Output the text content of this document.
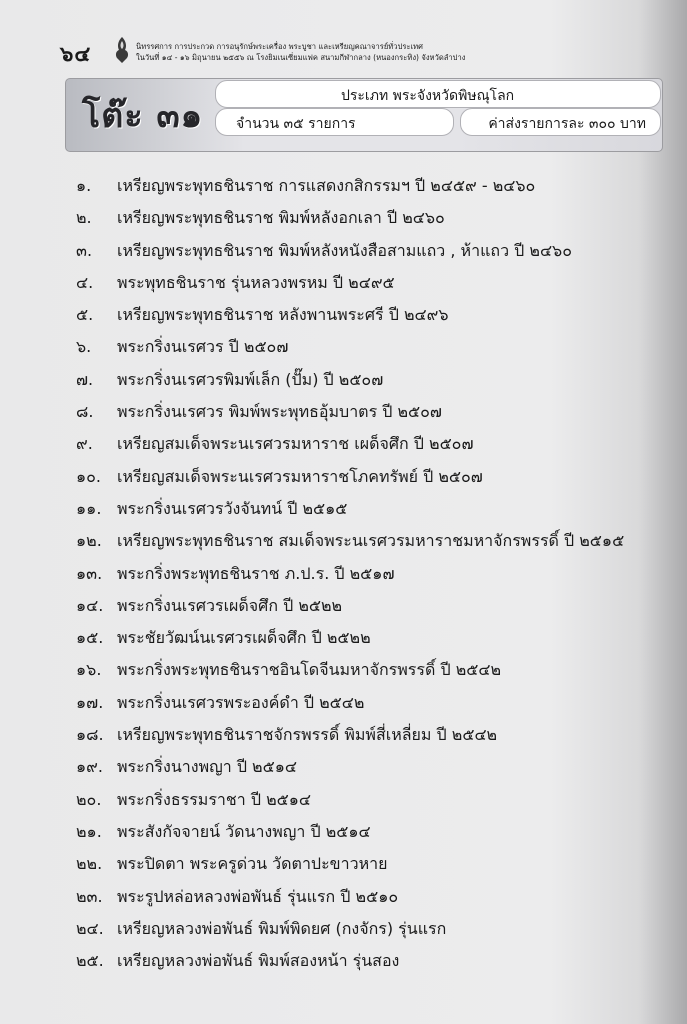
๖๔	นิทรรศการ การประกวด การอนุรักษ์พระเครื่อง พระบูชา และเหรียญคณาจารย์ทั่วประเทศ
ในวันที่ ๑๔ - ๑๖ มิถุนายน ๒๕๕๖ ณ โรงยิมเนเซี่ยมแฟค สนามกีฬากลาง (หนองกระทิง) จังหวัดลำปาง
โต๊ะ ๓๑	ประเภท พระจังหวัดพิษณุโลก
จำนวน ๓๕ รายการ	ค่าส่งรายการละ ๓๐๐ บาท
๑. เหรียญพระพุทธชินราช การแสดงกสิกรรมฯ ปี ๒๔๕๙ - ๒๔๖๐
๒. เหรียญพระพุทธชินราช พิมพ์หลังอกเลา ปี ๒๔๖๐
๓. เหรียญพระพุทธชินราช พิมพ์หลังหนังสือสามแถว , ห้าแถว ปี ๒๔๖๐
๔. พระพุทธชินราช รุ่นหลวงพรหม ปี ๒๔๙๕
๕. เหรียญพระพุทธชินราช หลังพานพระศรี ปี ๒๔๙๖
๖. พระกริ่งนเรศวร ปี ๒๕๐๗
๗. พระกริ่งนเรศวรพิมพ์เล็ก (ปั๊ม) ปี ๒๕๐๗
๘. พระกริ่งนเรศวร พิมพ์พระพุทธอุ้มบาตร ปี ๒๕๐๗
๙. เหรียญสมเด็จพระนเรศวรมหาราช เผด็จศึก ปี ๒๕๐๗
๑๐. เหรียญสมเด็จพระนเรศวรมหาราชโภคทรัพย์ ปี ๒๕๐๗
๑๑. พระกริ่งนเรศวรวังจันทน์ ปี ๒๕๑๕
๑๒. เหรียญพระพุทธชินราช สมเด็จพระนเรศวรมหาราชมหาจักรพรรดิ์ ปี ๒๕๑๕
๑๓. พระกริ่งพระพุทธชินราช ภ.ป.ร. ปี ๒๕๑๗
๑๔. พระกริ่งนเรศวรเผด็จศึก ปี ๒๕๒๒
๑๕. พระชัยวัฒน์นเรศวรเผด็จศึก ปี ๒๕๒๒
๑๖. พระกริ่งพระพุทธชินราชอินโดจีนมหาจักรพรรดิ์ ปี ๒๕๔๒
๑๗. พระกริ่งนเรศวรพระองค์ดำ ปี ๒๕๔๒
๑๘. เหรียญพระพุทธชินราชจักรพรรดิ์ พิมพ์สี่เหลี่ยม ปี ๒๕๔๒
๑๙. พระกริ่งนางพญา ปี ๒๕๑๔
๒๐. พระกริ่งธรรมราชา ปี ๒๕๑๔
๒๑. พระสังกัจจายน์ วัดนางพญา ปี ๒๕๑๔
๒๒. พระปิดตา พระครูด่วน วัดตาปะขาวหาย
๒๓. พระรูปหล่อหลวงพ่อพันธ์ รุ่นแรก ปี ๒๕๑๐
๒๔. เหรียญหลวงพ่อพันธ์ พิมพ์พิดยศ (กงจักร) รุ่นแรก
๒๕. เหรียญหลวงพ่อพันธ์ พิมพ์สองหน้า รุ่นสอง
